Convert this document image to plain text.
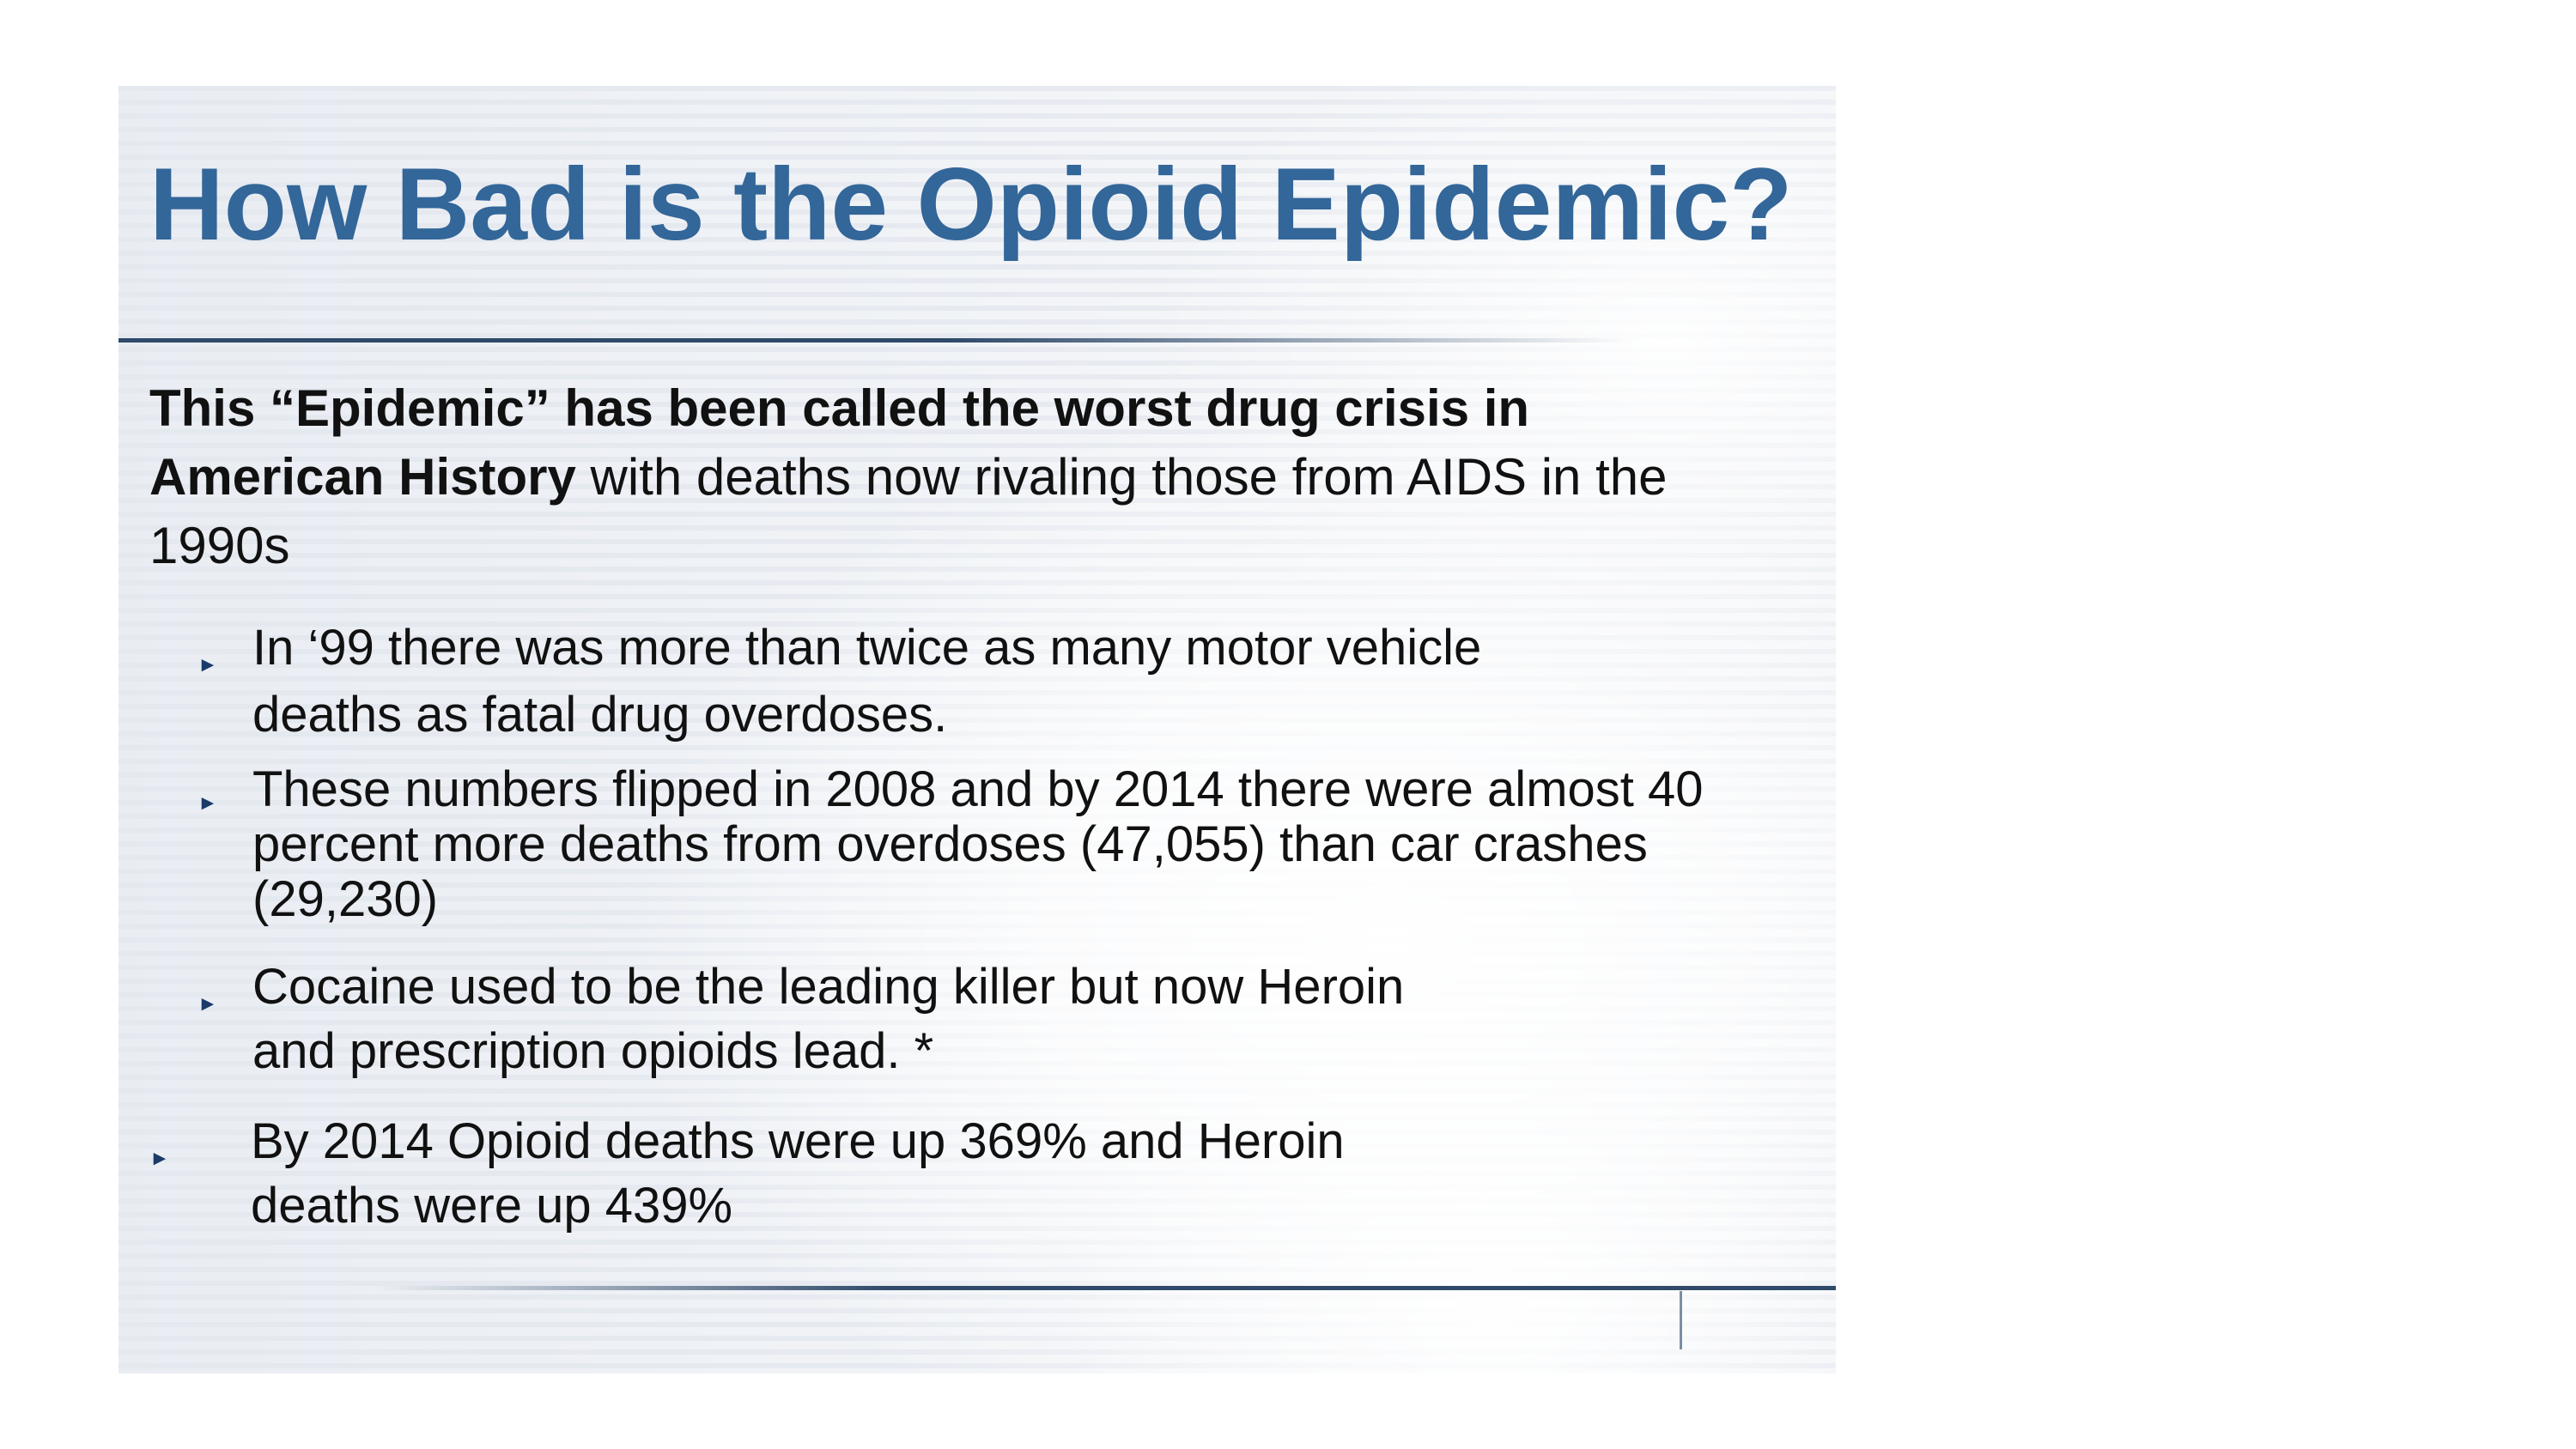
How Bad is the Opioid Epidemic?

This “Epidemic” has been called the worst drug crisis in American History with deaths now rivaling those from AIDS in the 1990s

► In ‘99 there was more than twice as many motor vehicle
deaths as fatal drug overdoses.
► These numbers flipped in 2008 and by 2014 there were almost 40
percent more deaths from overdoses (47,055) than car crashes
(29,230)
► Cocaine used to be the leading killer but now Heroin
and prescription opioids lead. *
► By 2014 Opioid deaths were up 369% and Heroin
deaths were up 439%
